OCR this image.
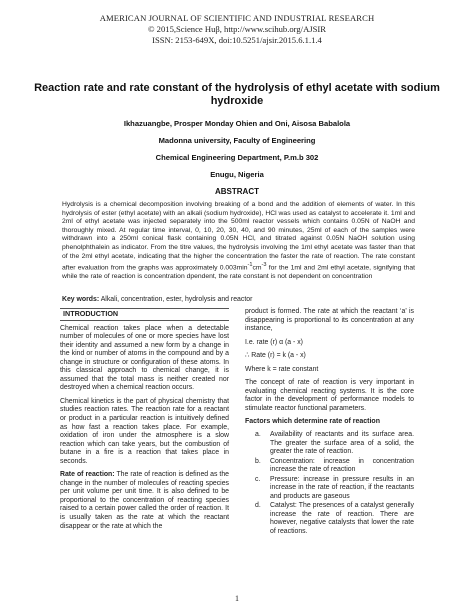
AMERICAN JOURNAL OF SCIENTIFIC AND INDUSTRIAL RESEARCH
© 2015,Science Huβ, http://www.scihub.org/AJSIR
ISSN: 2153-649X, doi:10.5251/ajsir.2015.6.1.1.4
Reaction rate and rate constant of the hydrolysis of ethyl acetate with sodium hydroxide
Ikhazuangbe, Prosper Monday Ohien and Oni, Aisosa Babalola
Madonna university, Faculty of Engineering
Chemical Engineering Department, P.m.b 302
Enugu, Nigeria
ABSTRACT
Hydrolysis is a chemical decomposition involving breaking of a bond and the addition of elements of water. In this hydrolysis of ester (ethyl acetate) with an alkali (sodium hydroxide), HCl was used as catalyst to accelerate it. 1ml and 2ml of ethyl acetate was injected separately into the 500ml reactor vessels which contains 0.05N of NaOH and thoroughly mixed. At regular time interval, 0, 10, 20, 30, 40, and 90 minutes, 25ml of each of the samples were withdrawn into a 250ml conical flask containing 0.05N HCl, and titrated against 0.05N NaOH solution using phenolphthalein as indicator. From the titre values, the hydrolysis involving the 1ml ethyl acetate was faster than that of the 2ml ethyl acetate, indicating that the higher the concentration the faster the rate of reaction. The rate constant after evaluation from the graphs was approximately $0.003\min^{-1}cm^{-3}$ for the 1ml and 2ml ethyl acetate, signifying that while the rate of reaction is concentration dpendent, the rate constant is not dependent on concentration
Key words: Alkali, concentration, ester, hydrolysis and reactor
INTRODUCTION

Chemical reaction takes place when a detectable number of molecules of one or more species have lost their identity and assumed a new form by a change in the kind or number of atoms in the compound and by a change in structure or configuration of these atoms. In this classical approach to chemical change, it is assumed that the total mass is neither created nor destroyed when a chemical reaction occurs.

Chemical kinetics is the part of physical chemistry that studies reaction rates. The reaction rate for a reactant or product in a particular reaction is intuitively defined as how fast a reaction takes place. For example, oxidation of iron under the atmosphere is a slow reaction which can take years, but the combustion of butane in a fire is a reaction that takes place in seconds.

Rate of reaction: The rate of reaction is defined as the change in the number of molecules of reacting species per unit volume per unit time. It is also defined to be proportional to the concentration of reacting species raised to a certain power called the order of reaction. It is usually taken as the rate at which the reactant disappear or the rate at which the

product is formed. The rate at which the reactant ‘a’ is disappearing is proportional to its concentration at any instance,

I.e. rate (r) α (a - x)

∴ Rate (r) = k (a - x)

Where k = rate constant

The concept of rate of reaction is very important in evaluating chemical reacting systems. It is the core factor in the development of performance models to stimulate reactor functional parameters.

Factors which determine rate of reaction
a.	Availability of reactants and its surface area. The greater the surface area of a solid, the greater the rate of reaction.
b.	Concentration: increase in concentration increase the rate of reaction
c.	Pressure: increase in pressure results in an increase in the rate of reaction, if the reactants and products are gaseous
d.	Catalyst: The presences of a catalyst generally increase the rate of reaction. There are however, negative catalysts that lower the rate of reactions.
1
